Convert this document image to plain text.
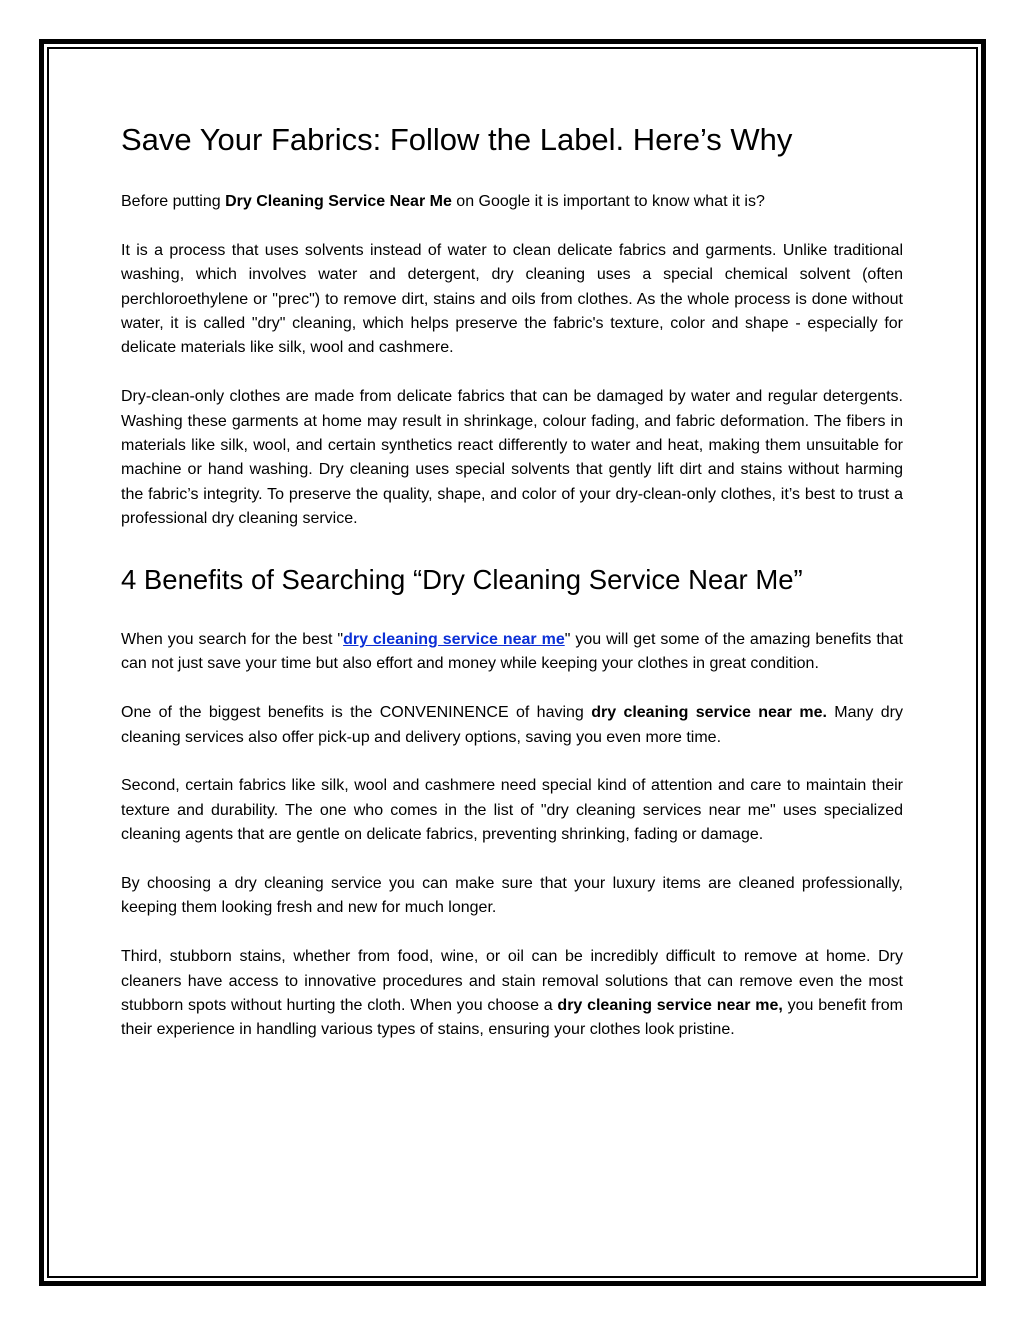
Save Your Fabrics: Follow the Label. Here’s Why

Before putting Dry Cleaning Service Near Me on Google it is important to know what it is?

It is a process that uses solvents instead of water to clean delicate fabrics and garments. Unlike traditional washing, which involves water and detergent, dry cleaning uses a special chemical solvent (often perchloroethylene or "prec") to remove dirt, stains and oils from clothes. As the whole process is done without water, it is called "dry" cleaning, which helps preserve the fabric's texture, color and shape - especially for delicate materials like silk, wool and cashmere.

Dry-clean-only clothes are made from delicate fabrics that can be damaged by water and regular detergents. Washing these garments at home may result in shrinkage, colour fading, and fabric deformation. The fibers in materials like silk, wool, and certain synthetics react differently to water and heat, making them unsuitable for machine or hand washing. Dry cleaning uses special solvents that gently lift dirt and stains without harming the fabric’s integrity. To preserve the quality, shape, and color of your dry-clean-only clothes, it’s best to trust a professional dry cleaning service.

4 Benefits of Searching “Dry Cleaning Service Near Me”

When you search for the best "dry cleaning service near me" you will get some of the amazing benefits that can not just save your time but also effort and money while keeping your clothes in great condition.

One of the biggest benefits is the CONVENINENCE of having dry cleaning service near me. Many dry cleaning services also offer pick-up and delivery options, saving you even more time.

Second, certain fabrics like silk, wool and cashmere need special kind of attention and care to maintain their texture and durability. The one who comes in the list of "dry cleaning services near me" uses specialized cleaning agents that are gentle on delicate fabrics, preventing shrinking, fading or damage.

By choosing a dry cleaning service you can make sure that your luxury items are cleaned professionally, keeping them looking fresh and new for much longer.

Third, stubborn stains, whether from food, wine, or oil can be incredibly difficult to remove at home. Dry cleaners have access to innovative procedures and stain removal solutions that can remove even the most stubborn spots without hurting the cloth. When you choose a dry cleaning service near me, you benefit from their experience in handling various types of stains, ensuring your clothes look pristine.
